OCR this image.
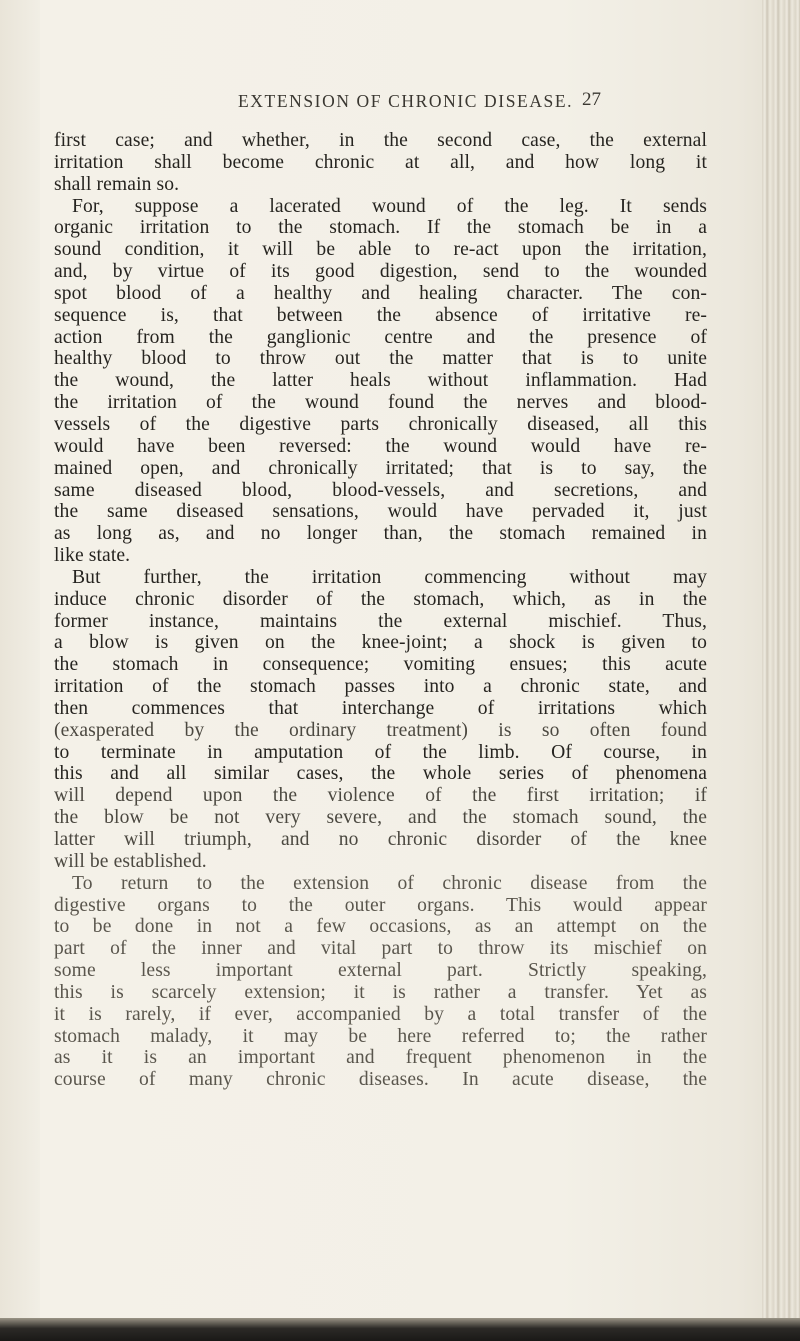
EXTENSION OF CHRONIC DISEASE. 27
first case; and whether, in the second case, the external
irritation shall become chronic at all, and how long it
shall remain so.
For, suppose a lacerated wound of the leg. It sends
organic irritation to the stomach. If the stomach be in a
sound condition, it will be able to re-act upon the irritation,
and, by virtue of its good digestion, send to the wounded
spot blood of a healthy and healing character. The con-
sequence is, that between the absence of irritative re-
action from the ganglionic centre and the presence of
healthy blood to throw out the matter that is to unite
the wound, the latter heals without inflammation. Had
the irritation of the wound found the nerves and blood-
vessels of the digestive parts chronically diseased, all this
would have been reversed: the wound would have re-
mained open, and chronically irritated; that is to say, the
same diseased blood, blood-vessels, and secretions, and
the same diseased sensations, would have pervaded it, just
as long as, and no longer than, the stomach remained in
like state.
But further, the irritation commencing without may
induce chronic disorder of the stomach, which, as in the
former instance, maintains the external mischief. Thus,
a blow is given on the knee-joint; a shock is given to
the stomach in consequence; vomiting ensues; this acute
irritation of the stomach passes into a chronic state, and
then commences that interchange of irritations which
(exasperated by the ordinary treatment) is so often found
to terminate in amputation of the limb. Of course, in
this and all similar cases, the whole series of phenomena
will depend upon the violence of the first irritation; if
the blow be not very severe, and the stomach sound, the
latter will triumph, and no chronic disorder of the knee
will be established.
To return to the extension of chronic disease from the
digestive organs to the outer organs. This would appear
to be done in not a few occasions, as an attempt on the
part of the inner and vital part to throw its mischief on
some less important external part. Strictly speaking,
this is scarcely extension; it is rather a transfer. Yet as
it is rarely, if ever, accompanied by a total transfer of the
stomach malady, it may be here referred to; the rather
as it is an important and frequent phenomenon in the
course of many chronic diseases. In acute disease, the
